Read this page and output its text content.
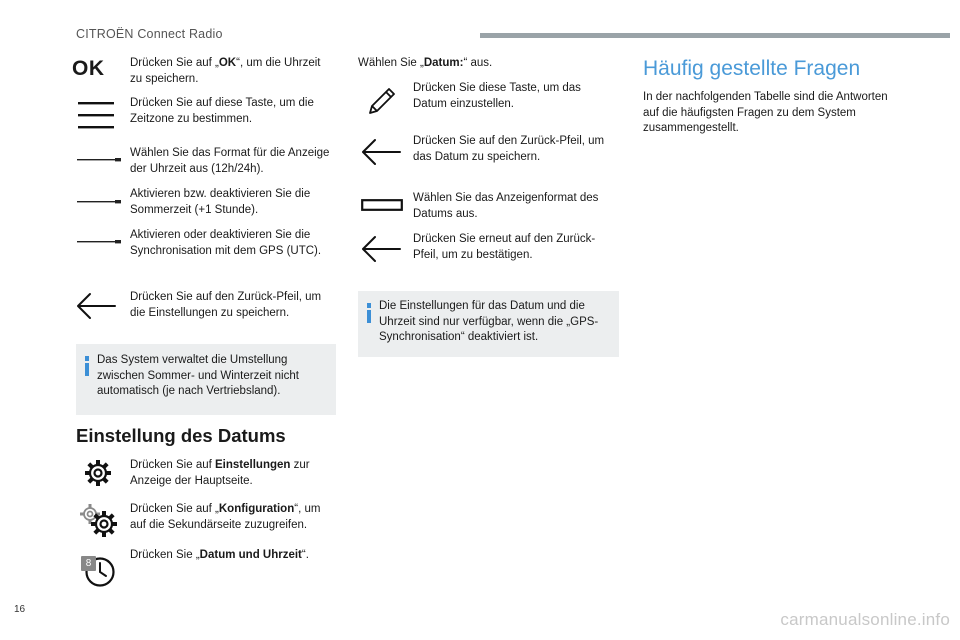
CITROËN Connect Radio
OK Drücken Sie auf „OK“, um die Uhrzeit zu speichern.
Drücken Sie auf diese Taste, um die Zeitzone zu bestimmen.
Wählen Sie das Format für die Anzeige der Uhrzeit aus (12h/24h).
Aktivieren bzw. deaktivieren Sie die Sommerzeit (+1 Stunde).
Aktivieren oder deaktivieren Sie die Synchronisation mit dem GPS (UTC).
Drücken Sie auf den Zurück-Pfeil, um die Einstellungen zu speichern.
Das System verwaltet die Umstellung zwischen Sommer- und Winterzeit nicht automatisch (je nach Vertriebsland).
Einstellung des Datums
Drücken Sie auf Einstellungen zur Anzeige der Hauptseite.
Drücken Sie auf „Konfiguration“, um auf die Sekundärseite zuzugreifen.
8
Drücken Sie „Datum und Uhrzeit“.
16
Wählen Sie „Datum:“ aus.
Drücken Sie diese Taste, um das Datum einzustellen.
Drücken Sie auf den Zurück-Pfeil, um das Datum zu speichern.
Wählen Sie das Anzeigenformat des Datums aus.
Drücken Sie erneut auf den Zurück-Pfeil, um zu bestätigen.
Die Einstellungen für das Datum und die Uhrzeit sind nur verfügbar, wenn die „GPS-Synchronisation“ deaktiviert ist.
Häufig gestellte Fragen
In der nachfolgenden Tabelle sind die Antworten auf die häufigsten Fragen zu dem System zusammengestellt.
carmanualsonline.info
